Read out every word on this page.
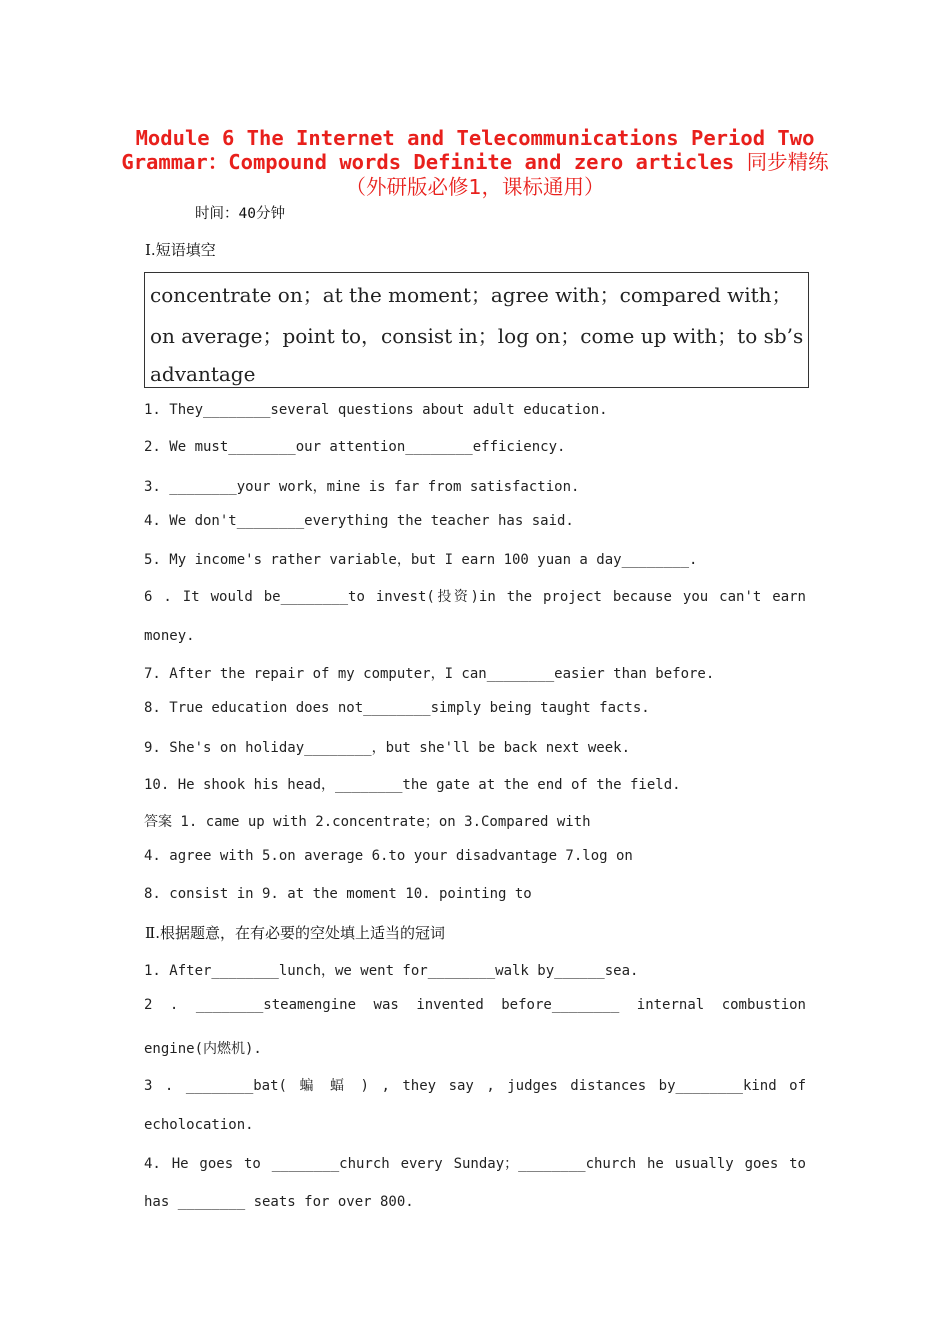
Module 6 The Internet and Telecommunications Period Two
Grammar：Compound words Definite and zero articles 同步精练
（外研版必修1，课标通用）
时间：40分钟
I.短语填空
concentrate on；at the moment；agree with；compared with；
on average；point to，consist in；log on；come up with；to sb’s
advantage
1. They________several questions about adult education.
2. We must________our attention________efficiency.
3. ________your work，mine is far from satisfaction.
4. We don't________everything the teacher has said.
5. My income's rather variable，but I earn 100 yuan a day________.
6 . It would be________to invest(投资)in the project because you can't earn
money.
7. After the repair of my computer，I can________easier than before.
8. True education does not________simply being taught facts.
9. She's on holiday________，but she'll be back next week.
10. He shook his head，________the gate at the end of the field.
答案 1. came up with 2.concentrate；on 3.Compared with
4. agree with 5.on average 6.to your disadvantage 7.log on
8. consist in 9. at the moment 10. pointing to
Ⅱ.根据题意，在有必要的空处填上适当的冠词
1. After________lunch，we went for________walk by______sea.
2 . ________steamengine was invented before________ internal combustion
engine(内燃机).
3 . ________bat( 蝙 蝠 ) , they say , judges distances by________kind of
echolocation.
4. He goes to ________church every Sunday；________church he usually goes to
has ________ seats for over 800.
